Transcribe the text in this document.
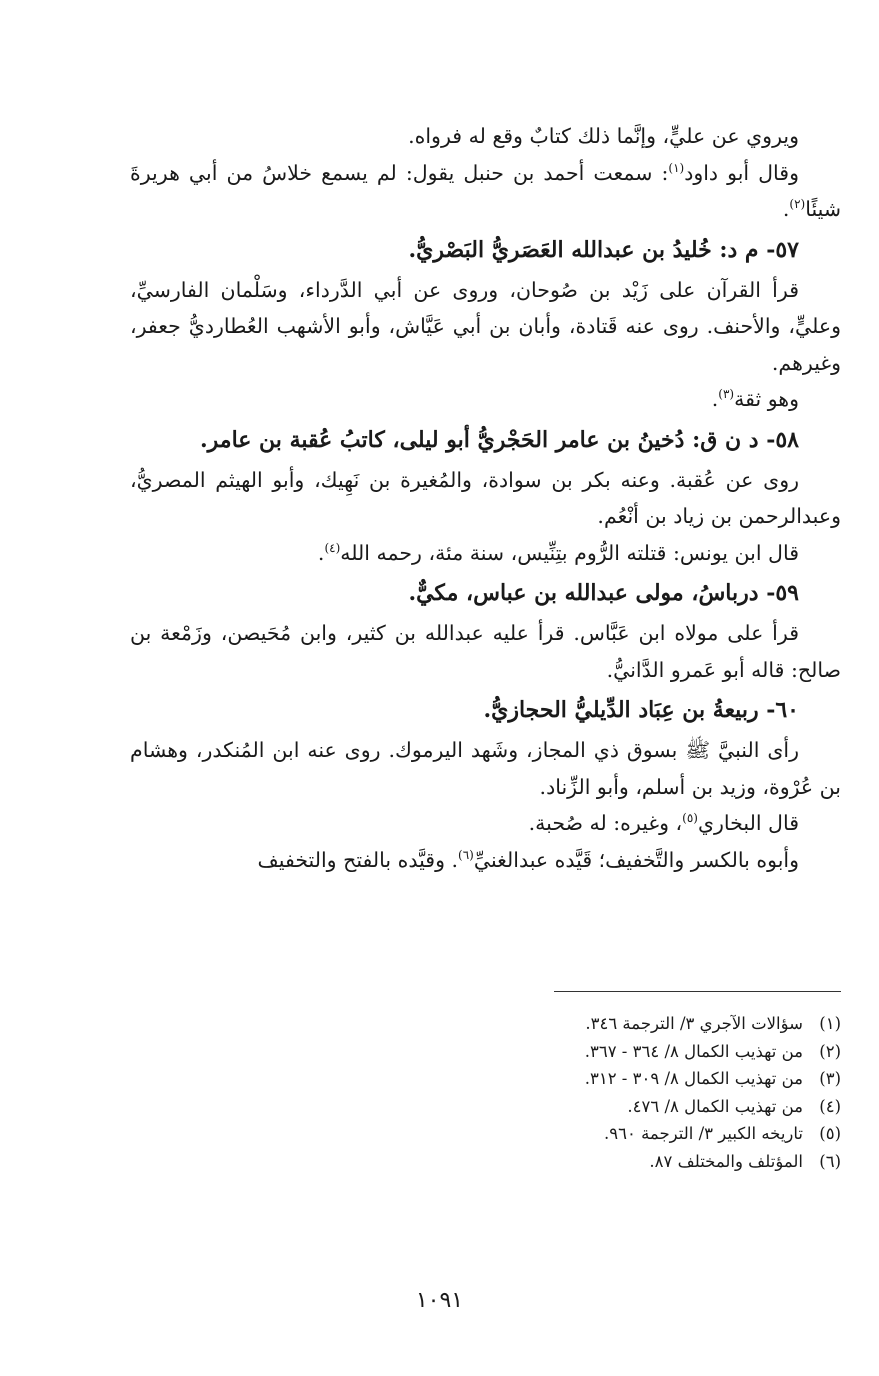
ويروي عن عليٍّ، وإنَّما ذلك كتابٌ وقع له فرواه.

وقال أبو داود$^{(١)}$: سمعت أحمد بن حنبل يقول: لم يسمع خلاسُ من أبي هريرةَ شيئًا$^{(٢)}$.

٥٧- م د: خُليدُ بن عبدالله العَصَريُّ البَصْريُّ.

قرأ القرآن على زَيْد بن صُوحان، وروى عن أبي الدَّرداء، وسَلْمان الفارسيِّ، وعليٍّ، والأحنف. روى عنه قَتادة، وأبان بن أبي عَيَّاش، وأبو الأشهب العُطارديُّ جعفر، وغيرهم.

وهو ثقة$^{(٣)}$.

٥٨- د ن ق: دُخينُ بن عامر الحَجْريُّ أبو ليلى، كاتبُ عُقبة بن عامر.

روى عن عُقبة. وعنه بكر بن سوادة، والمُغيرة بن نَهِيك، وأبو الهيثم المصريُّ، وعبدالرحمن بن زياد بن أنْعُم.

قال ابن يونس: قتلته الرُّوم بتِنِّيس، سنة مئة، رحمه الله$^{(٤)}$.

٥٩- درباسُ، مولى عبدالله بن عباس، مكيٌّ.

قرأ على مولاه ابن عَبَّاس. قرأ عليه عبدالله بن كثير، وابن مُحَيصن، وزَمْعة بن صالح: قاله أبو عَمرو الدَّانيُّ.

٦٠- ربيعةُ بن عِبَاد الدِّيليُّ الحجازيُّ.

رأى النبيَّ ﷺ بسوق ذي المجاز، وشَهد اليرموك. روى عنه ابن المُنكدر، وهشام بن عُرْوة، وزيد بن أسلم، وأبو الزِّناد.

قال البخاري$^{(٥)}$، وغيره: له صُحبة.

وأبوه بالكسر والتَّخفيف؛ قَيَّده عبدالغنيِّ$^{(٦)}$. وقيَّده بالفتح والتخفيف

(١)سؤالات الآجري ٣/ الترجمة ٣٤٦.
(٢)من تهذيب الكمال ٨/ ٣٦٤ - ٣٦٧.
(٣)من تهذيب الكمال ٨/ ٣٠٩ - ٣١٢.
(٤)من تهذيب الكمال ٨/ ٤٧٦.
(٥)تاريخه الكبير ٣/ الترجمة ٩٦٠.
(٦)المؤتلف والمختلف ٨٧.
١٠٩١
